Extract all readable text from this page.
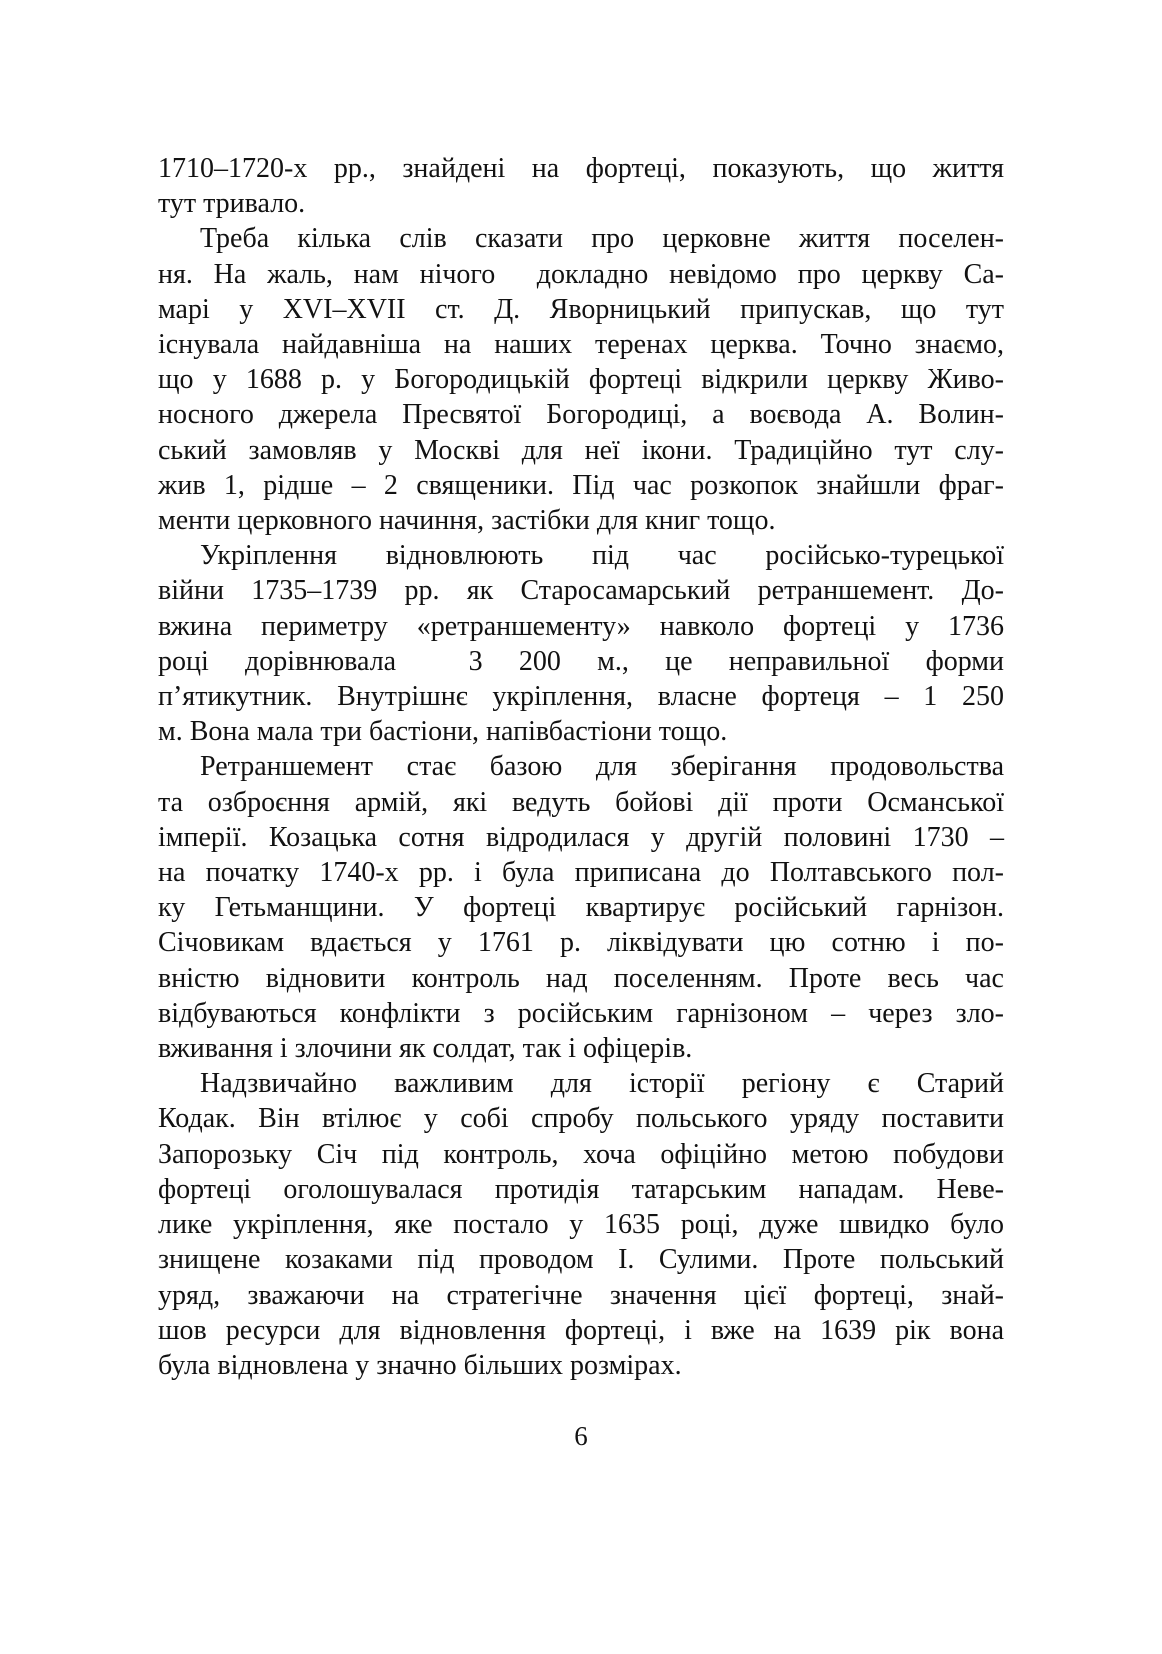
1710–1720-х рр., знайдені на фортеці, показують, що життя
тут тривало.
Треба кілька слів сказати про церковне життя поселен-
ня. На жаль, нам нічого  докладно невідомо про церкву Са-
марі у XVI–XVII ст. Д. Яворницький припускав, що тут
існувала найдавніша на наших теренах церква. Точно знаємо,
що у 1688 р. у Богородицькій фортеці відкрили церкву Живо-
носного джерела Пресвятої Богородиці, а воєвода А. Волин-
ський замовляв у Москві для неї ікони. Традиційно тут слу-
жив 1, рідше – 2 священики. Під час розкопок знайшли фраг-
менти церковного начиння, застібки для книг тощо.
Укріплення відновлюють під час російсько-турецької
війни 1735–1739 рр. як Старосамарський ретраншемент. До-
вжина периметру «ретраншементу» навколо фортеці у 1736
році дорівнювала  3 200 м., це неправильної форми
п’ятикутник. Внутрішнє укріплення, власне фортеця – 1 250
м. Вона мала три бастіони, напівбастіони тощо.
Ретраншемент стає базою для зберігання продовольства
та озброєння армій, які ведуть бойові дії проти Османської
імперії. Козацька сотня відродилася у другій половині 1730 –
на початку 1740-х рр. і була приписана до Полтавського пол-
ку Гетьманщини. У фортеці квартирує російський гарнізон.
Січовикам вдається у 1761 р. ліквідувати цю сотню і по-
вністю відновити контроль над поселенням. Проте весь час
відбуваються конфлікти з російським гарнізоном – через зло-
вживання і злочини як солдат, так і офіцерів.
Надзвичайно важливим для історії регіону є Старий
Кодак. Він втілює у собі спробу польського уряду поставити
Запорозьку Січ під контроль, хоча офіційно метою побудови
фортеці оголошувалася протидія татарським нападам. Неве-
лике укріплення, яке постало у 1635 році, дуже швидко було
знищене козаками під проводом І. Сулими. Проте польський
уряд, зважаючи на стратегічне значення цієї фортеці, знай-
шов ресурси для відновлення фортеці, і вже на 1639 рік вона
була відновлена у значно більших розмірах.
6
